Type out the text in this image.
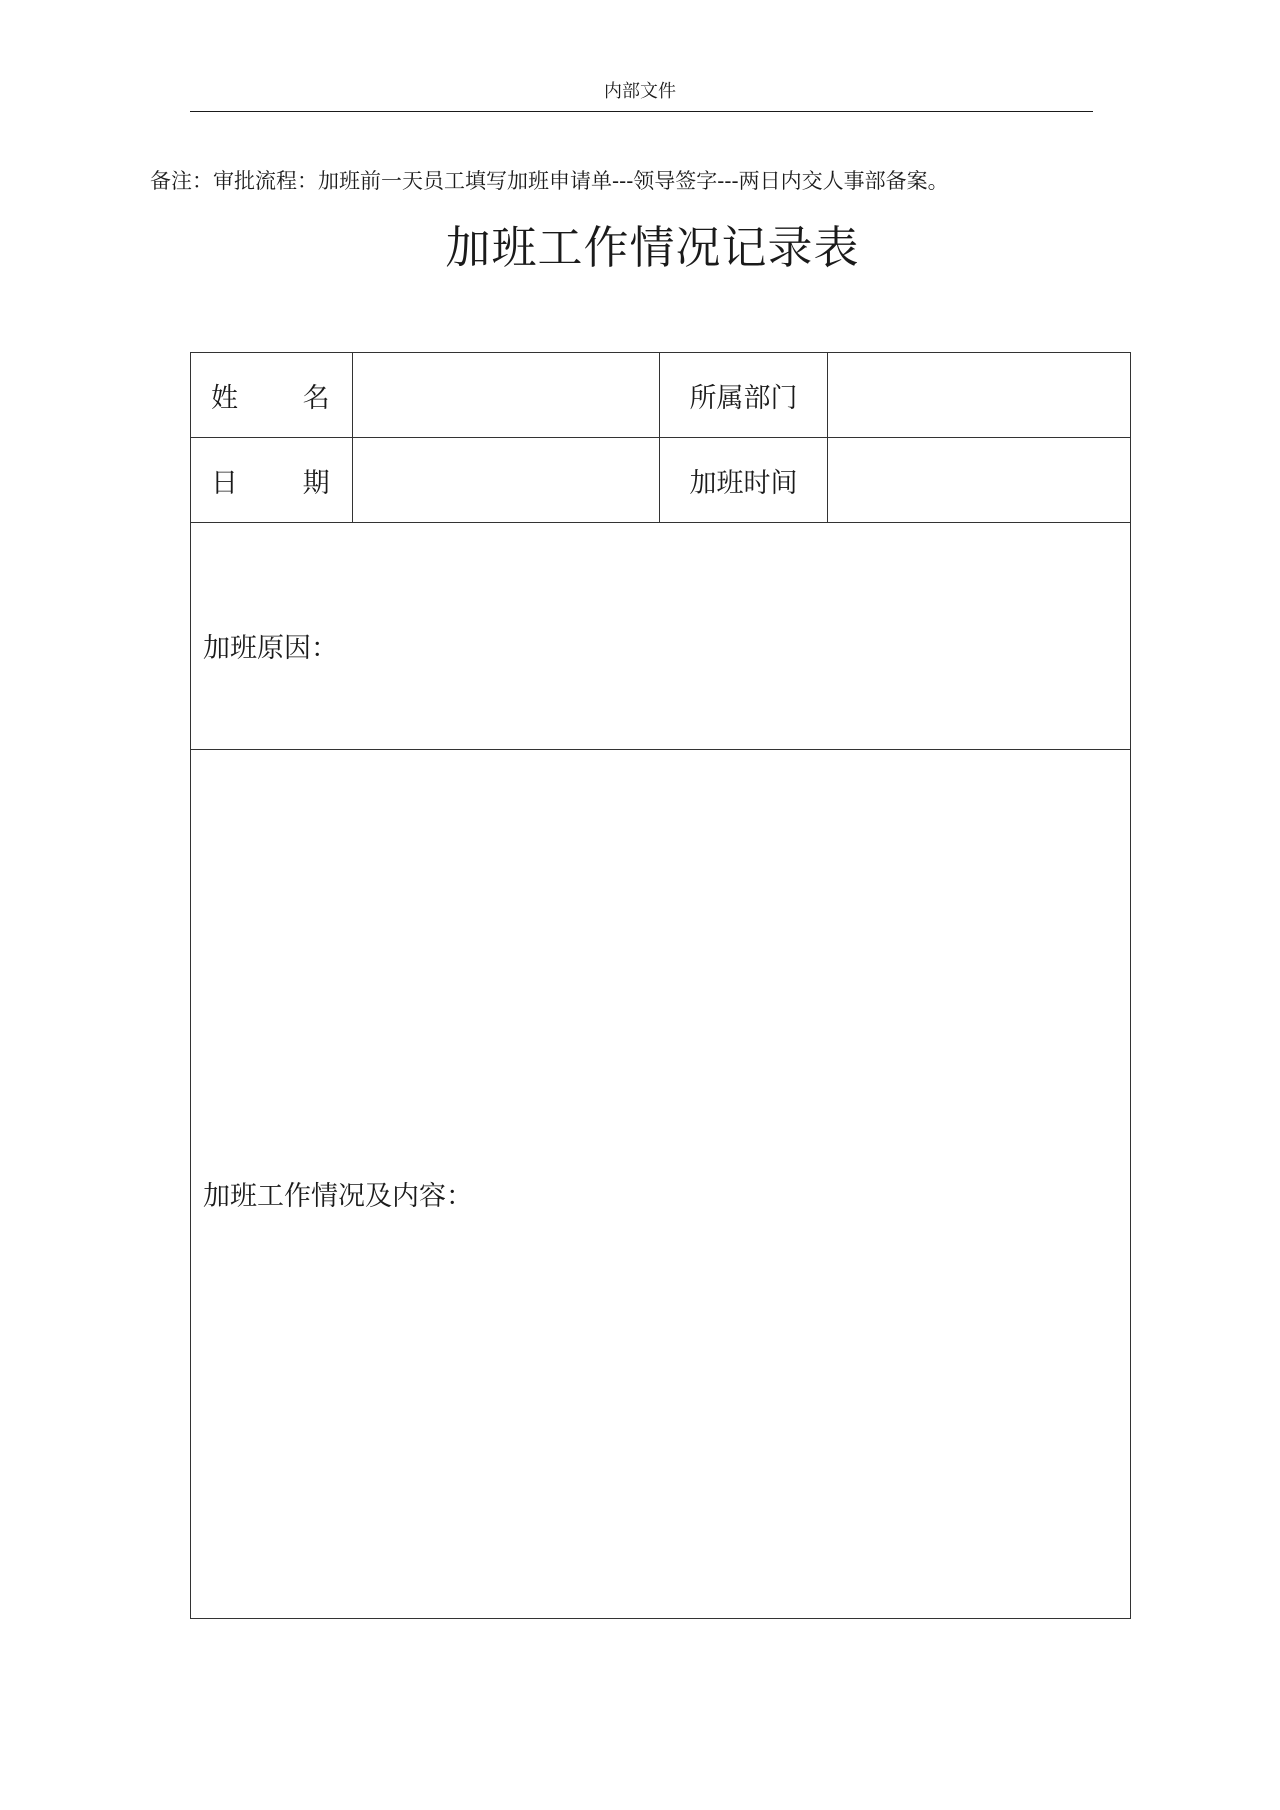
内部文件
备注：审批流程：加班前一天员工填写加班申请单---领导签字---两日内交人事部备案。
加班工作情况记录表
姓 名		所属部门	
日 期		加班时间	

加班原因：			

加班工作情况及内容：			
